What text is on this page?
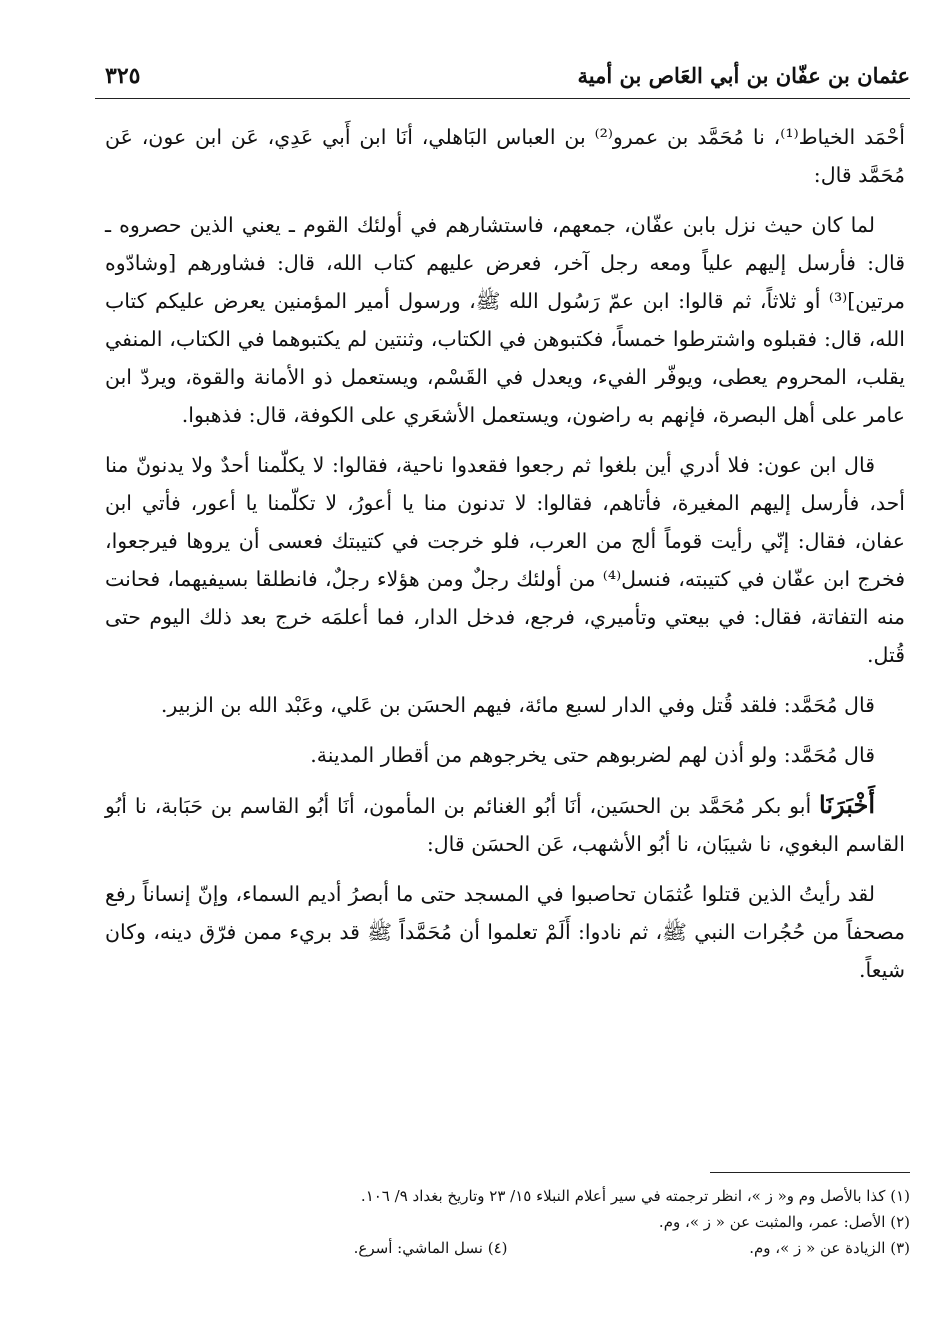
عثمان بن عفّان بن أبي العَاص بن أمية
٣٢٥

أحْمَد الخياط⁽¹⁾، نا مُحَمَّد بن عمرو⁽²⁾ بن العباس البَاهلي، أنَا ابن أَبي عَدِي، عَن ابن عون، عَن مُحَمَّد قال:

لما كان حيث نزل بابن عفّان، جمعهم، فاستشارهم في أولئك القوم ـ يعني الذين حصروه ـ قال: فأرسل إليهم علياً ومعه رجل آخر، فعرض عليهم كتاب الله، قال: فشاورهم [وشادّوه مرتين]⁽³⁾ أو ثلاثاً، ثم قالوا: ابن عمّ رَسُول الله ﷺ، ورسول أمير المؤمنين يعرض عليكم كتاب الله، قال: فقبلوه واشترطوا خمساً، فكتبوهن في الكتاب، وثنتين لم يكتبوهما في الكتاب، المنفي يقلب، المحروم يعطى، ويوفّر الفيء، ويعدل في القَسْم، ويستعمل ذو الأمانة والقوة، ويردّ ابن عامر على أهل البصرة، فإنهم به راضون، ويستعمل الأشعَري على الكوفة، قال: فذهبوا.

قال ابن عون: فلا أدري أين بلغوا ثم رجعوا فقعدوا ناحية، فقالوا: لا يكلّمنا أحدٌ ولا يدنونّ منا أحد، فأرسل إليهم المغيرة، فأتاهم، فقالوا: لا تدنون منا يا أعورُ، لا تكلّمنا يا أعور، فأتي ابن عفان، فقال: إنّي رأيت قوماً ألج من العرب، فلو خرجت في كتيبتك فعسى أن يروها فيرجعوا، فخرج ابن عفّان في كتيبته، فنسل⁽⁴⁾ من أولئك رجلٌ ومن هؤلاء رجلٌ، فانطلقا بسيفيهما، فحانت منه التفاتة، فقال: في بيعتي وتأميري، فرجع، فدخل الدار، فما أعلمَه خرج بعد ذلك اليوم حتى قُتل.

قال مُحَمَّد: فلقد قُتل وفي الدار لسبع مائة، فيهم الحسَن بن عَلي، وعَبْد الله بن الزبير.

قال مُحَمَّد: ولو أذن لهم لضربوهم حتى يخرجوهم من أقطار المدينة.

أَخْبَرَنَا أبو بكر مُحَمَّد بن الحسَين، أنَا أبُو الغنائم بن المأمون، أنَا أبُو القاسم بن حَبَابة، نا أبُو القاسم البغوي، نا شيبَان، نا أبُو الأشهب، عَن الحسَن قال:

لقد رأيتُ الذين قتلوا عُثمَان تحاصبوا في المسجد حتى ما أبصرُ أديم السماء، وإنّ إنساناً رفع مصحفاً من حُجُرات النبي ﷺ، ثم نادوا: أَلَمْ تعلموا أن مُحَمَّداً ﷺ قد بريء ممن فرّق دينه، وكان شيعاً.

(١) كذا بالأصل وم و« ز »، انظر ترجمته في سير أعلام النبلاء ١٥/ ٢٣ وتاريخ بغداد ٩/ ١٠٦.
(٢) الأصل: عمر، والمثبت عن « ز »، وم.
(٣) الزيادة عن « ز »، وم.
(٤) نسل الماشي: أسرع.
